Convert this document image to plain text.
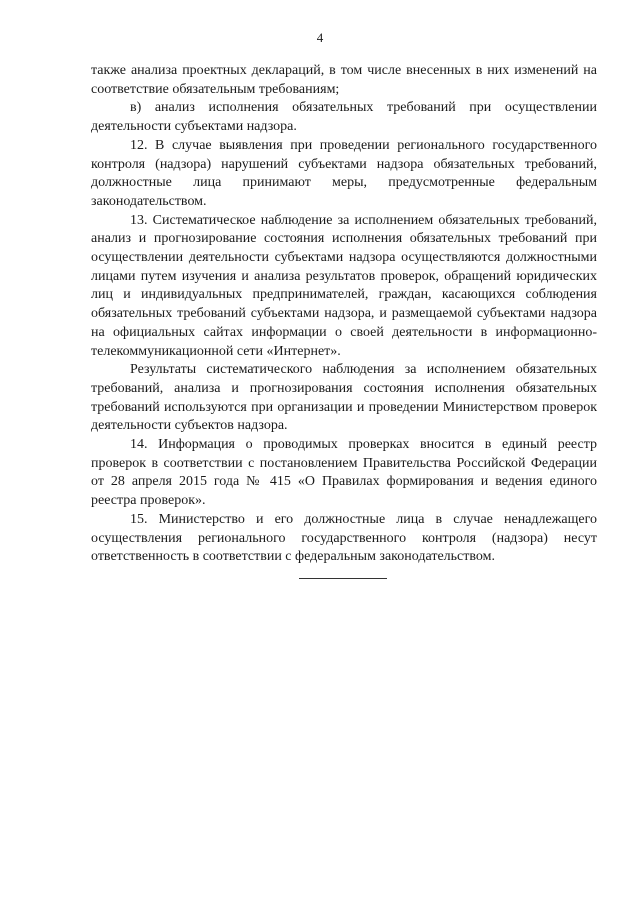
4

также анализа проектных деклараций, в том числе внесенных в них изменений на соответствие обязательным требованиям;

в) анализ исполнения обязательных требований при осуществлении деятельности субъектами надзора.

12. В случае выявления при проведении регионального государственного контроля (надзора) нарушений субъектами надзора обязательных требований, должностные лица принимают меры, предусмотренные федеральным законодательством.

13. Систематическое наблюдение за исполнением обязательных требований, анализ и прогнозирование состояния исполнения обязательных требований при осуществлении деятельности субъектами надзора осуществляются должностными лицами путем изучения и анализа результатов проверок, обращений юридических лиц и индивидуальных предпринимателей, граждан, касающихся соблюдения обязательных требований субъектами надзора, и размещаемой субъектами надзора на официальных сайтах информации о своей деятельности в информационно-телекоммуникационной сети «Интернет».

Результаты систематического наблюдения за исполнением обязательных требований, анализа и прогнозирования состояния исполнения обязательных требований используются при организации и проведении Министерством проверок деятельности субъектов надзора.

14. Информация о проводимых проверках вносится в единый реестр проверок в соответствии с постановлением Правительства Российской Федерации от 28 апреля 2015 года № 415 «О Правилах формирования и ведения единого реестра проверок».

15. Министерство и его должностные лица в случае ненадлежащего осуществления регионального государственного контроля (надзора) несут ответственность в соответствии с федеральным законодательством.
